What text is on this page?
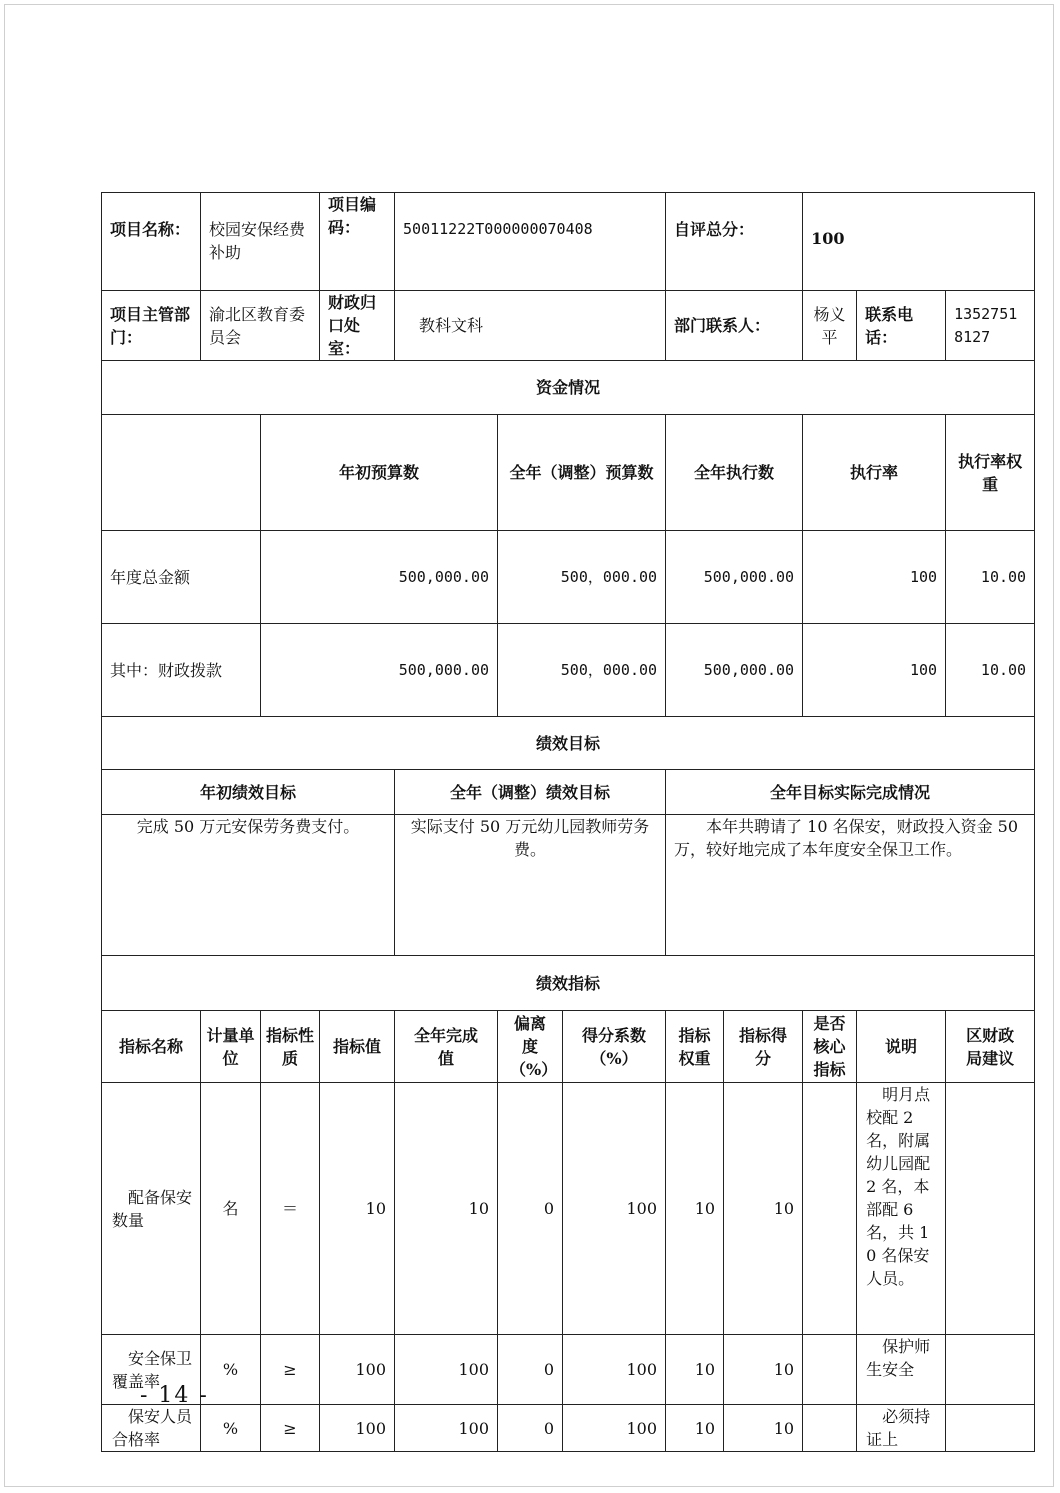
项目名称：	校园安保经费补助		项目编码：	50011222T000000070408			自评总分：		100			
项目主管部门：	渝北区教育委员会		财政归口处室：	教科文科			部门联系人：		杨义平	联系电话：	13527518127	
资金情况												
		年初预算数			全年（调整）预算数		全年执行数		执行率		执行率权重	
年度总金额		500,000.00			500，000.00		500,000.00		100		10.00	
其中：财政拨款		500,000.00			500，000.00		500,000.00		100		10.00	
绩效目标												
年初绩效目标				全年（调整）绩效目标			全年目标实际完成情况					
完成 50 万元安保劳务费支付。				实际支付 50 万元幼儿园教师劳务费。			本年共聘请了 10 名保安，财政投入资金 50 万，较好地完成了本年度安全保卫工作。					
绩效指标												
指标名称	计量单位	指标性质	指标值	全年完成值	偏离度（%）	得分系数（%）	指标权重	指标得分	是否核心指标	说明	区财政局建议	
配备保安数量	名	＝	10	10	0	100	10	10		明月点校配 2 名，附属幼儿园配 2 名，本部配 6 名，共 10 名保安人员。		
安全保卫覆盖率	%	≥	100	100	0	100	10	10		保护师生安全		
保安人员合格率	%	≥	100	100	0	100	10	10		必须持证上		
- 14 -
